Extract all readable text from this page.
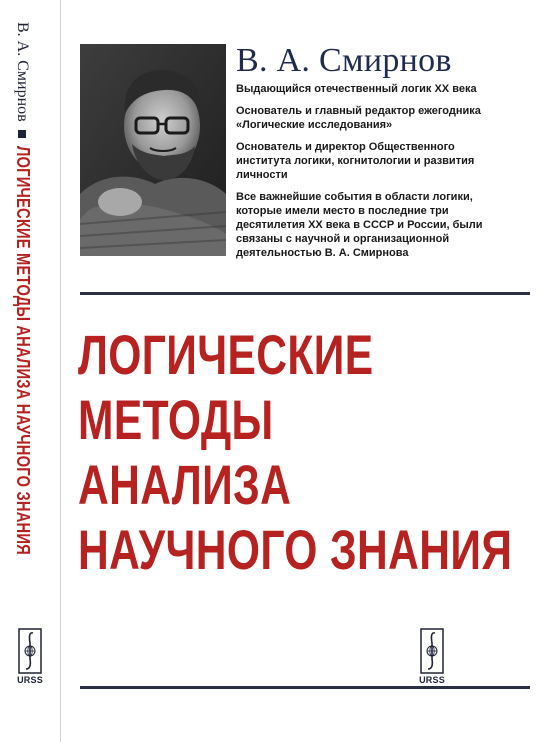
В. А. Смирнов
ЛОГИЧЕСКИЕ МЕТОДЫ АНАЛИЗА НАУЧНОГО ЗНАНИЯ
URSS
В. А. Смирнов

Выдающийся отечественный логик XX века

Основатель и главный редактор ежегодника «Логические исследования»

Основатель и директор Общественного института логики, когнитологии и развития личности

Все важнейшие события в области логики, которые имели место в последние три десятилетия XX века в СССР и России, были связаны с научной и организационной деятельностью В. А. Смирнова

ЛОГИЧЕСКИЕ
МЕТОДЫ
АНАЛИЗА
НАУЧНОГО ЗНАНИЯ
URSS
